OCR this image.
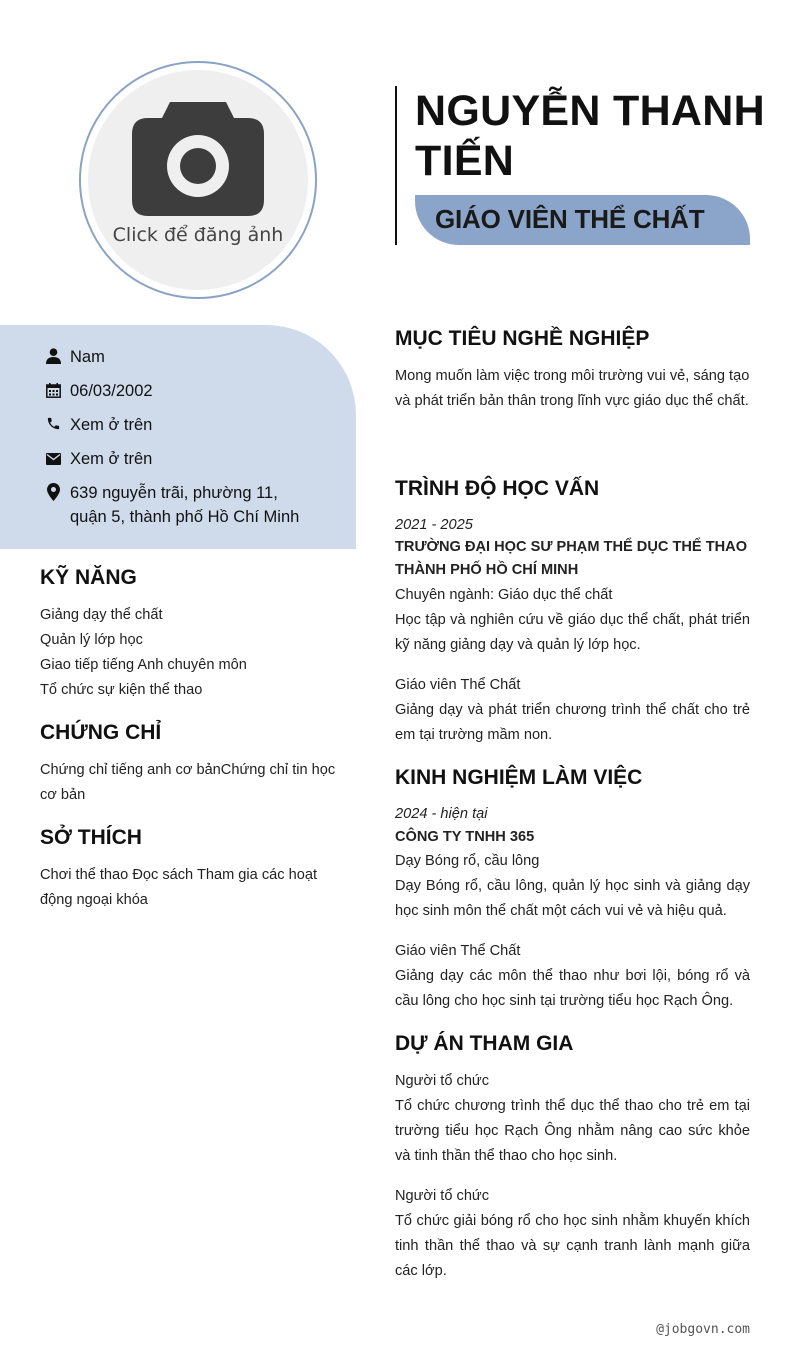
Click để đăng ảnh
NGUYỄN THANH TIẾN
GIÁO VIÊN THỂ CHẤT
Nam
06/03/2002
Xem ở trên
Xem ở trên
639 nguyễn trãi, phường 11,
quận 5, thành phố Hồ Chí Minh
KỸ NĂNG
Giảng dạy thể chất
Quản lý lớp học
Giao tiếp tiếng Anh chuyên môn
Tổ chức sự kiện thể thao
CHỨNG CHỈ
Chứng chỉ tiếng anh cơ bảnChứng chỉ tin học
cơ bản
SỞ THÍCH
Chơi thể thao Đọc sách Tham gia các hoạt
động ngoại khóa
MỤC TIÊU NGHỀ NGHIỆP
Mong muốn làm việc trong môi trường vui vẻ, sáng tạo và phát triển bản thân trong lĩnh vực giáo dục thể chất.
TRÌNH ĐỘ HỌC VẤN
2021 - 2025
TRƯỜNG ĐẠI HỌC SƯ PHẠM THỂ DỤC THỂ THAO THÀNH PHỐ HỒ CHÍ MINH
Chuyên ngành: Giáo dục thể chất
Học tập và nghiên cứu về giáo dục thể chất, phát triển kỹ năng giảng dạy và quản lý lớp học.
Giáo viên Thể Chất
Giảng dạy và phát triển chương trình thể chất cho trẻ em tại trường mầm non.
KINH NGHIỆM LÀM VIỆC
2024 - hiện tại
CÔNG TY TNHH 365
Dạy Bóng rổ, cầu lông
Dạy Bóng rổ, cầu lông, quản lý học sinh và giảng dạy học sinh môn thể chất một cách vui vẻ và hiệu quả.
Giáo viên Thể Chất
Giảng dạy các môn thể thao như bơi lội, bóng rổ và cầu lông cho học sinh tại trường tiểu học Rạch Ông.
DỰ ÁN THAM GIA
Người tổ chức
Tổ chức chương trình thể dục thể thao cho trẻ em tại trường tiểu học Rạch Ông nhằm nâng cao sức khỏe và tinh thần thể thao cho học sinh.
Người tổ chức
Tổ chức giải bóng rổ cho học sinh nhằm khuyến khích tinh thần thể thao và sự cạnh tranh lành mạnh giữa các lớp.
@jobgovn.com
